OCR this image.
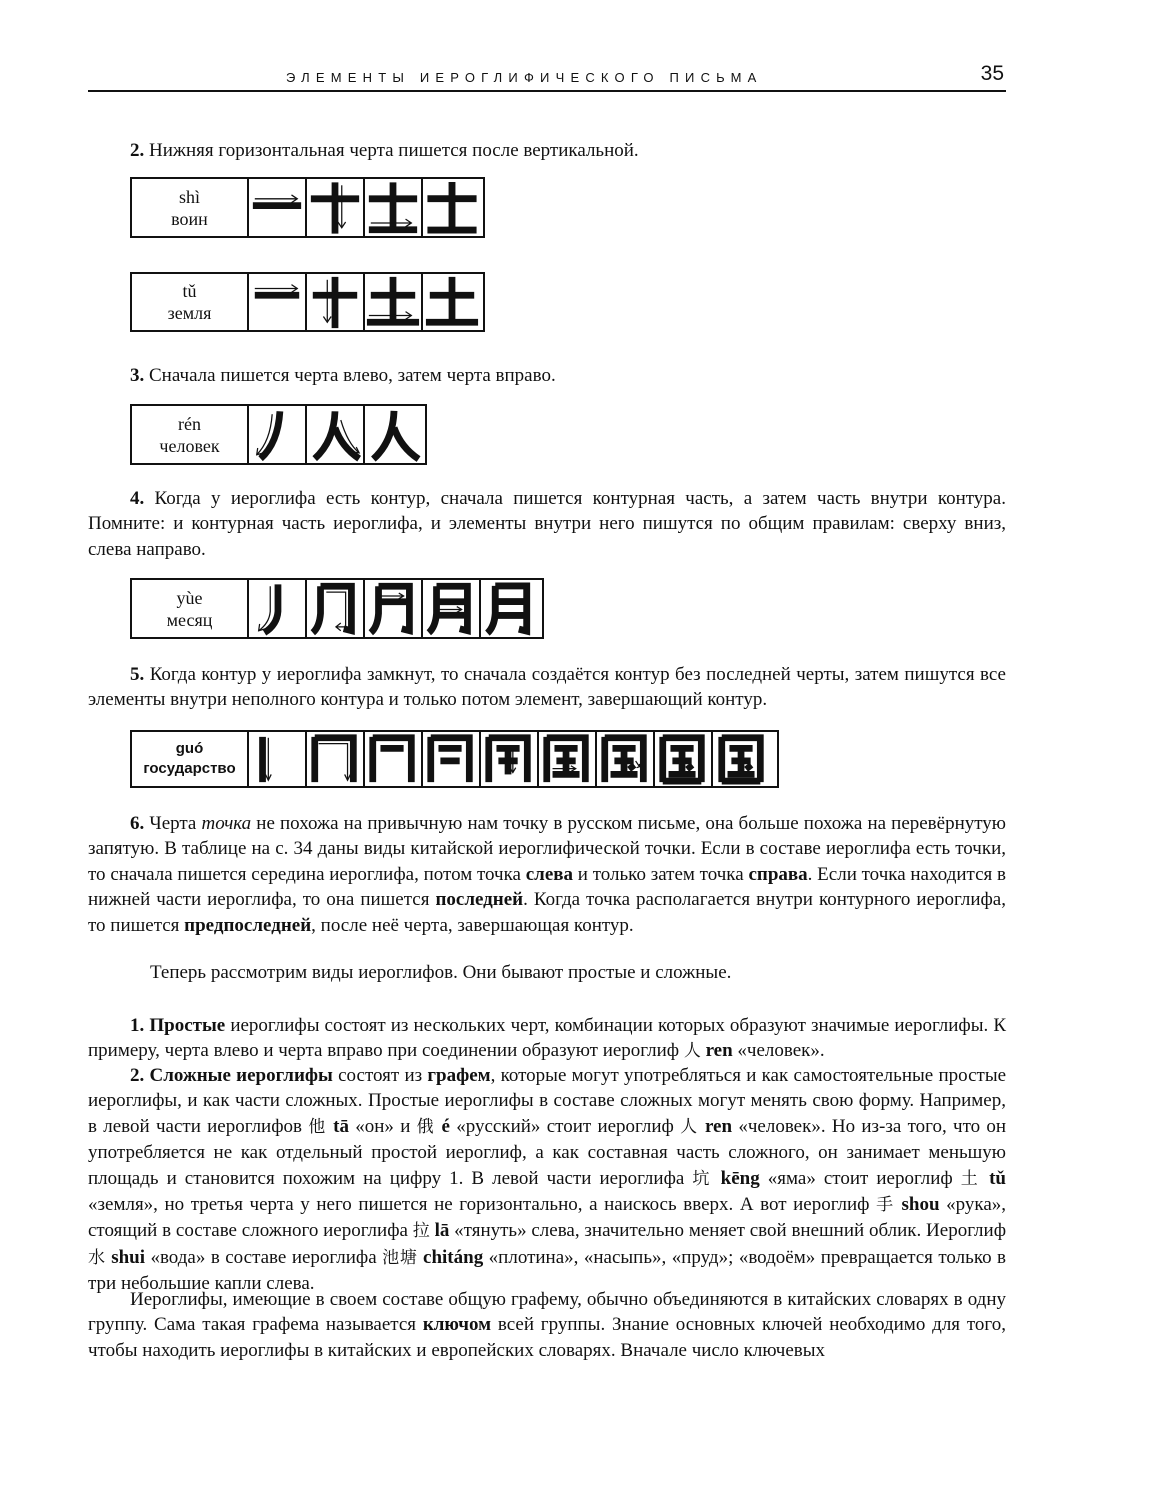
ЭЛЕМЕНТЫ ИЕРОГЛИФИЧЕСКОГО ПИСЬМА	35

2. Нижняя горизонтальная черта пишется после вертикальной.

shì
воин
tǔ
земля

3. Сначала пишется черта влево, затем черта вправо.

rén
человек

4. Когда у иероглифа есть контур, сначала пишется контурная часть, а затем часть внутри контура. Помните: и контурная часть иероглифа, и элементы внутри него пишутся по общим правилам: сверху вниз, слева направо.

yùe
месяц

5. Когда контур у иероглифа замкнут, то сначала создаётся контур без последней черты, затем пишутся все элементы внутри неполного контура и только потом элемент, завершающий контур.

guó
государство

6. Черта точка не похожа на привычную нам точку в русском письме, она больше похожа на перевёрнутую запятую. В таблице на с. 34 даны виды китайской иероглифической точки. Если в составе иероглифа есть точки, то сначала пишется середина иероглифа, потом точка слева и только затем точка справа. Если точка находится в нижней части иероглифа, то она пишется последней. Когда точка располагается внутри контурного иероглифа, то пишется предпоследней, после неё черта, завершающая контур.

Теперь рассмотрим виды иероглифов. Они бывают простые и сложные.

1. Простые иероглифы состоят из нескольких черт, комбинации которых образуют значимые иероглифы. К примеру, черта влево и черта вправо при соединении образуют иероглиф 人 ren «человек».

2. Сложные иероглифы состоят из графем, которые могут употребляться и как самостоятельные простые иероглифы, и как части сложных. Простые иероглифы в составе сложных могут менять свою форму. Например, в левой части иероглифов 他 tā «он» и 俄 é «русский» стоит иероглиф 人 ren «человек». Но из-за того, что он употребляется не как отдельный простой иероглиф, а как составная часть сложного, он занимает меньшую площадь и становится похожим на цифру 1. В левой части иероглифа 坑 kēng «яма» стоит иероглиф 土 tǔ «земля», но третья черта у него пишется не горизонтально, а наискось вверх. А вот иероглиф 手 shou «рука», стоящий в составе сложного иероглифа 拉 lā «тянуть» слева, значительно меняет свой внешний облик. Иероглиф 水 shui «вода» в составе иероглифа 池塘 chitáng «плотина», «насыпь», «пруд»; «водоём» превращается только в три небольшие капли слева.

Иероглифы, имеющие в своем составе общую графему, обычно объединяются в китайских словарях в одну группу. Сама такая графема называется ключом всей группы. Знание основных ключей необходимо для того, чтобы находить иероглифы в китайских и европейских словарях. Вначале число ключевых
